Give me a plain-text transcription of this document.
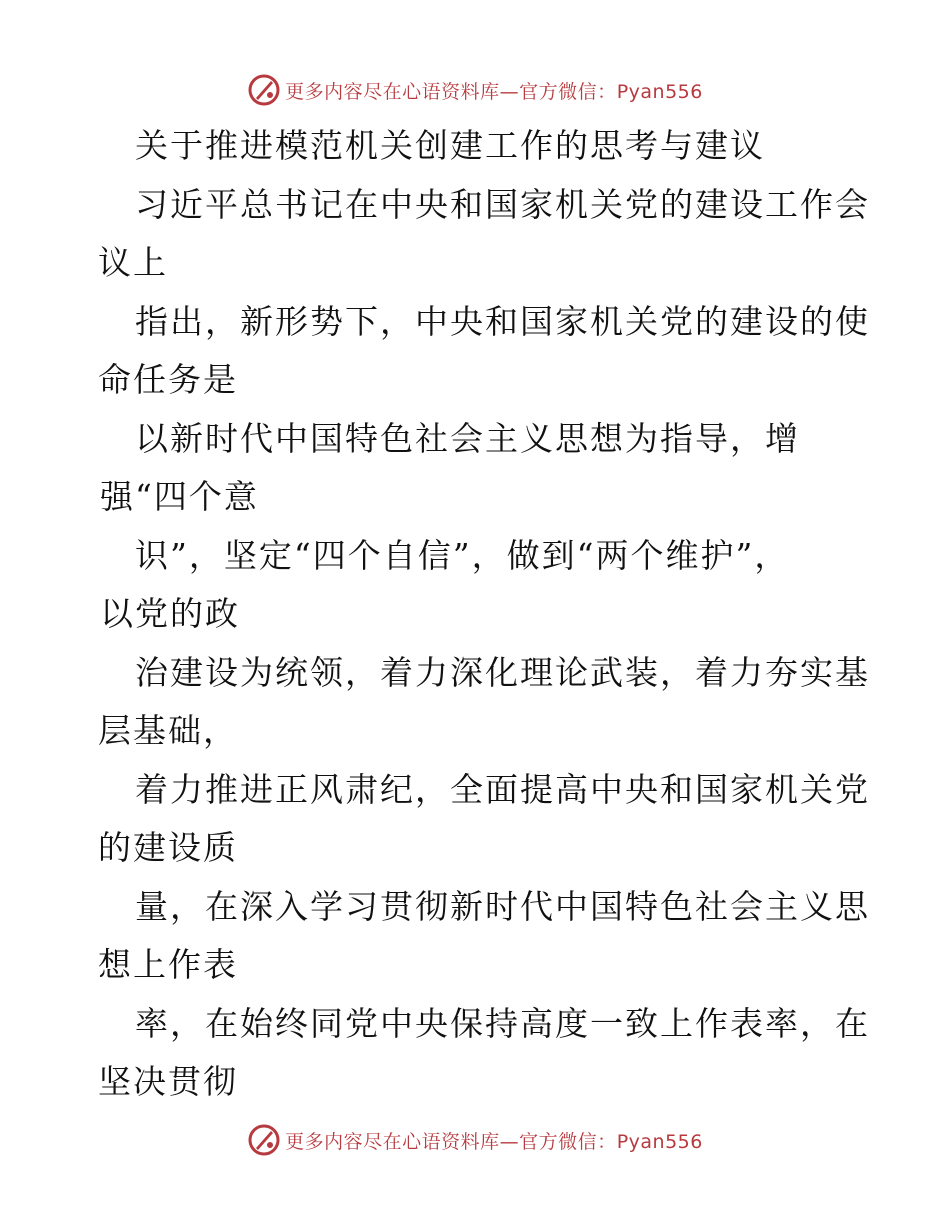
更多内容尽在心语资料库—官方微信：Pyan556
关于推进模范机关创建工作的思考与建议
习近平总书记在中央和国家机关党的建设工作会
议上
指出，新形势下，中央和国家机关党的建设的使
命任务是
以新时代中国特色社会主义思想为指导，增
强“四个意
识”，坚定“四个自信”，做到“两个维护”，
以党的政
治建设为统领，着力深化理论武装，着力夯实基
层基础，
着力推进正风肃纪，全面提高中央和国家机关党
的建设质
量，在深入学习贯彻新时代中国特色社会主义思
想上作表
率，在始终同党中央保持高度一致上作表率，在
坚决贯彻
更多内容尽在心语资料库—官方微信：Pyan556
